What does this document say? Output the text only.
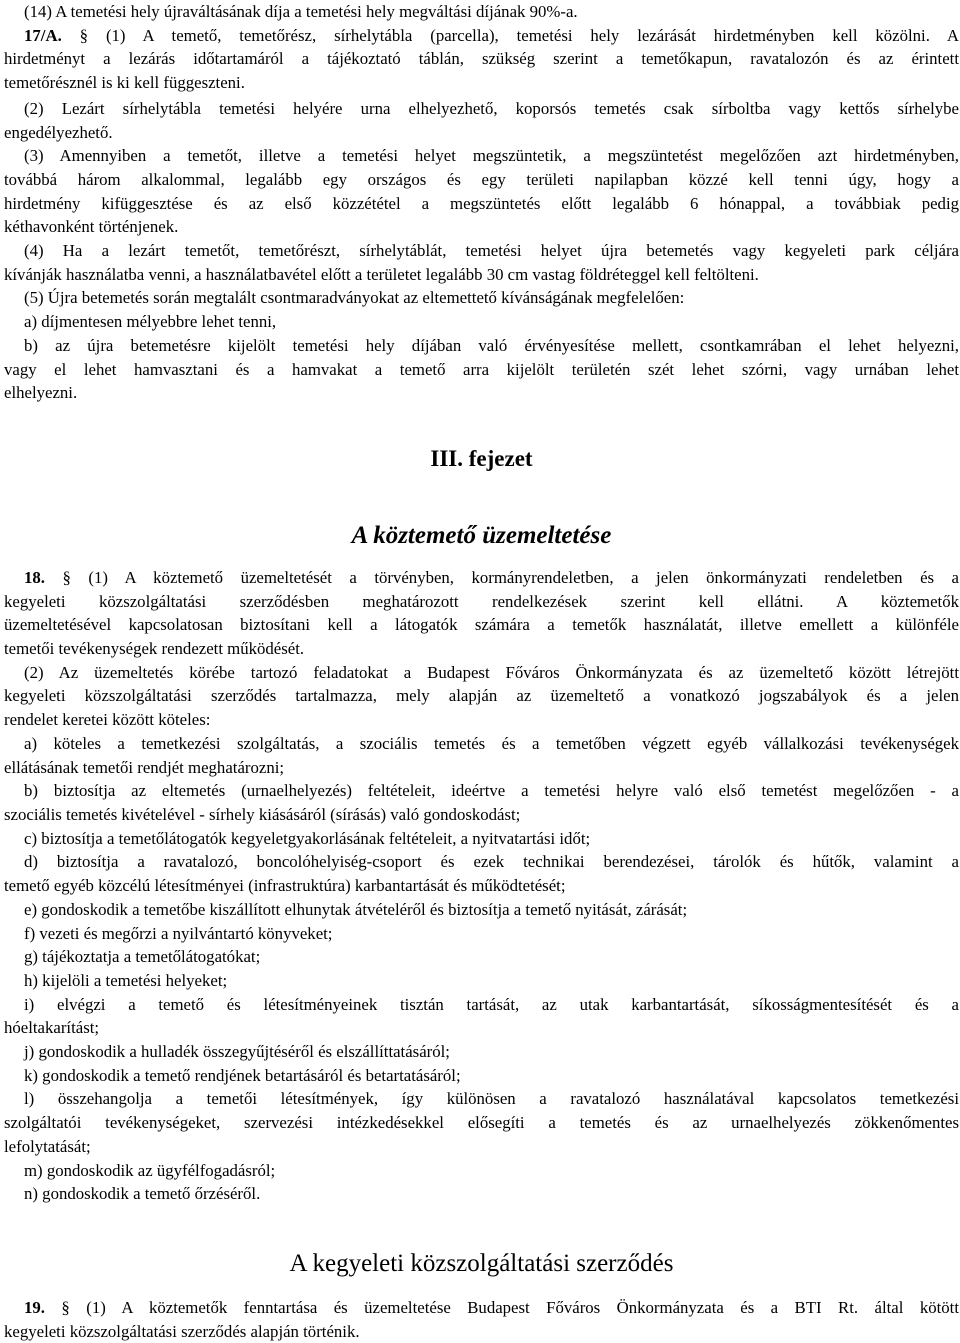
(14) A temetési hely újraváltásának díja a temetési hely megváltási díjának 90%-a.
17/A. § (1) A temető, temetőrész, sírhelytábla (parcella), temetési hely lezárását hirdetményben kell közölni. A
hirdetményt a lezárás időtartamáról a tájékoztató táblán, szükség szerint a temetőkapun, ravatalozón és az érintett
temetőrésznél is ki kell függeszteni.
(2) Lezárt sírhelytábla temetési helyére urna elhelyezhető, koporsós temetés csak sírboltba vagy kettős sírhelybe
engedélyezhető.
(3) Amennyiben a temetőt, illetve a temetési helyet megszüntetik, a megszüntetést megelőzően azt hirdetményben,
továbbá három alkalommal, legalább egy országos és egy területi napilapban közzé kell tenni úgy, hogy a
hirdetmény kifüggesztése és az első közzététel a megszüntetés előtt legalább 6 hónappal, a továbbiak pedig
kéthavonként történjenek.
(4) Ha a lezárt temetőt, temetőrészt, sírhelytáblát, temetési helyet újra betemetés vagy kegyeleti park céljára
kívánják használatba venni, a használatbavétel előtt a területet legalább 30 cm vastag földréteggel kell feltölteni.
(5) Újra betemetés során megtalált csontmaradványokat az eltemettető kívánságának megfelelően:
a) díjmentesen mélyebbre lehet tenni,
b) az újra betemetésre kijelölt temetési hely díjában való érvényesítése mellett, csontkamrában el lehet helyezni,
vagy el lehet hamvasztani és a hamvakat a temető arra kijelölt területén szét lehet szórni, vagy urnában lehet
elhelyezni.
III. fejezet
A köztemető üzemeltetése
18. § (1) A köztemető üzemeltetését a törvényben, kormányrendeletben, a jelen önkormányzati rendeletben és a
kegyeleti közszolgáltatási szerződésben meghatározott rendelkezések szerint kell ellátni. A köztemetők
üzemeltetésével kapcsolatosan biztosítani kell a látogatók számára a temetők használatát, illetve emellett a különféle
temetői tevékenységek rendezett működését.
(2) Az üzemeltetés körébe tartozó feladatokat a Budapest Főváros Önkormányzata és az üzemeltető között létrejött
kegyeleti közszolgáltatási szerződés tartalmazza, mely alapján az üzemeltető a vonatkozó jogszabályok és a jelen
rendelet keretei között köteles:
a) köteles a temetkezési szolgáltatás, a szociális temetés és a temetőben végzett egyéb vállalkozási tevékenységek
ellátásának temetői rendjét meghatározni;
b) biztosítja az eltemetés (urnaelhelyezés) feltételeit, ideértve a temetési helyre való első temetést megelőzően - a
szociális temetés kivételével - sírhely kiásásáról (sírásás) való gondoskodást;
c) biztosítja a temetőlátogatók kegyeletgyakorlásának feltételeit, a nyitvatartási időt;
d) biztosítja a ravatalozó, boncolóhelyiség-csoport és ezek technikai berendezései, tárolók és hűtők, valamint a
temető egyéb közcélú létesítményei (infrastruktúra) karbantartását és működtetését;
e) gondoskodik a temetőbe kiszállított elhunytak átvételéről és biztosítja a temető nyitását, zárását;
f) vezeti és megőrzi a nyilvántartó könyveket;
g) tájékoztatja a temetőlátogatókat;
h) kijelöli a temetési helyeket;
i) elvégzi a temető és létesítményeinek tisztán tartását, az utak karbantartását, síkosságmentesítését és a
hóeltakarítást;
j) gondoskodik a hulladék összegyűjtéséről és elszállíttatásáról;
k) gondoskodik a temető rendjének betartásáról és betartatásáról;
l) összehangolja a temetői létesítmények, így különösen a ravatalozó használatával kapcsolatos temetkezési
szolgáltatói tevékenységeket, szervezési intézkedésekkel elősegíti a temetés és az urnaelhelyezés zökkenőmentes
lefolytatását;
m) gondoskodik az ügyfélfogadásról;
n) gondoskodik a temető őrzéséről.
A kegyeleti közszolgáltatási szerződés
19. § (1) A köztemetők fenntartása és üzemeltetése Budapest Főváros Önkormányzata és a BTI Rt. által kötött
kegyeleti közszolgáltatási szerződés alapján történik.
